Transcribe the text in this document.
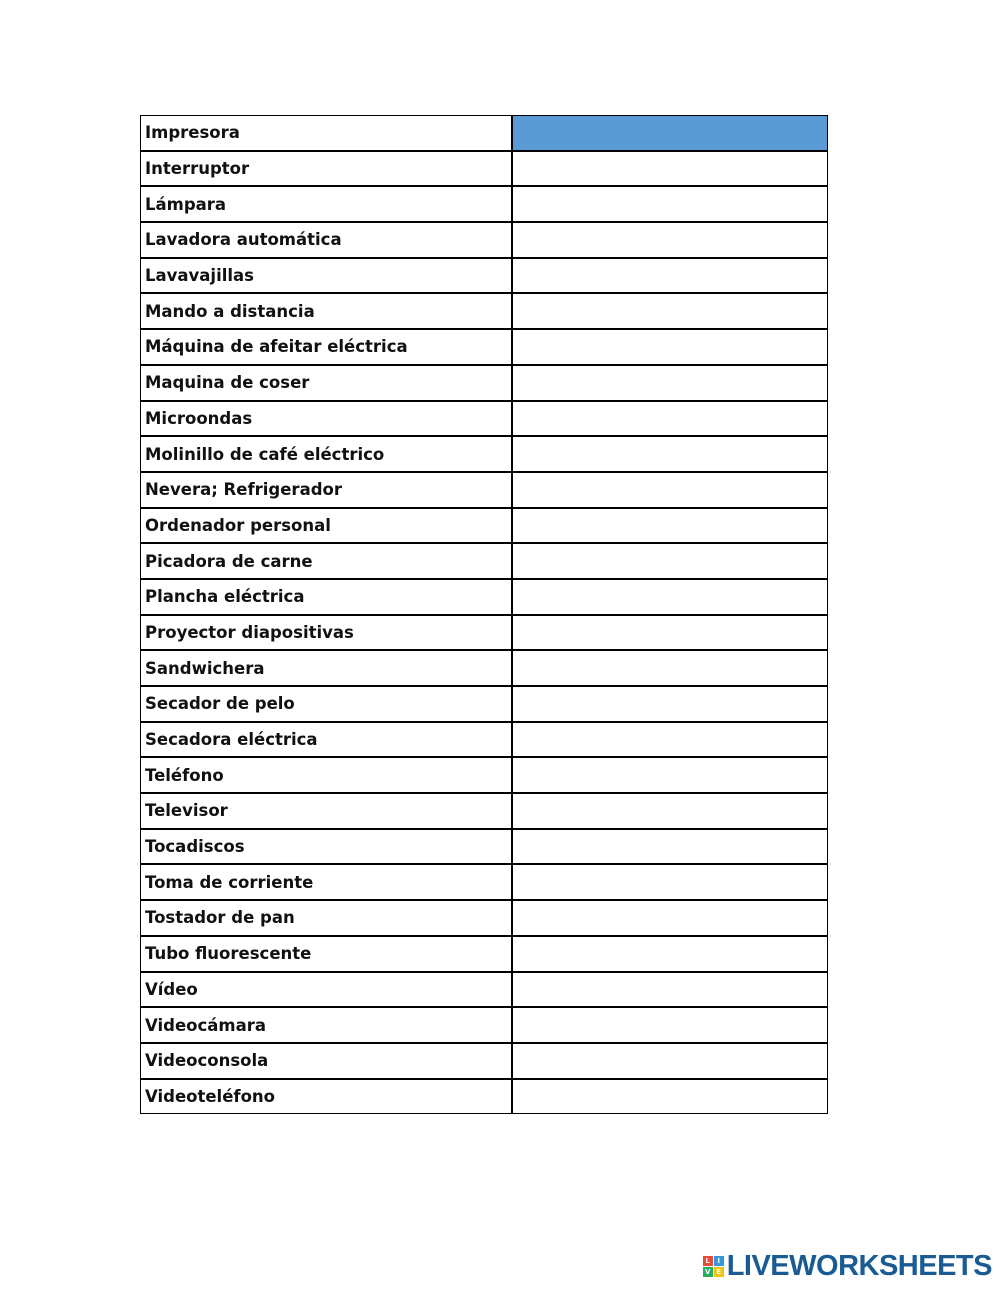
Impresora	
Interruptor	
Lámpara	
Lavadora automática	
Lavavajillas	
Mando a distancia	
Máquina de afeitar eléctrica	
Maquina de coser	
Microondas	
Molinillo de café eléctrico	
Nevera; Refrigerador	
Ordenador personal	
Picadora de carne	
Plancha eléctrica	
Proyector diapositivas	
Sandwichera	
Secador de pelo	
Secadora eléctrica	
Teléfono	
Televisor	
Tocadiscos	
Toma de corriente	
Tostador de pan	
Tubo fluorescente	
Vídeo	
Videocámara	
Videoconsola	
Videoteléfono	
L	I
V E LIVEWORKSHEETS
